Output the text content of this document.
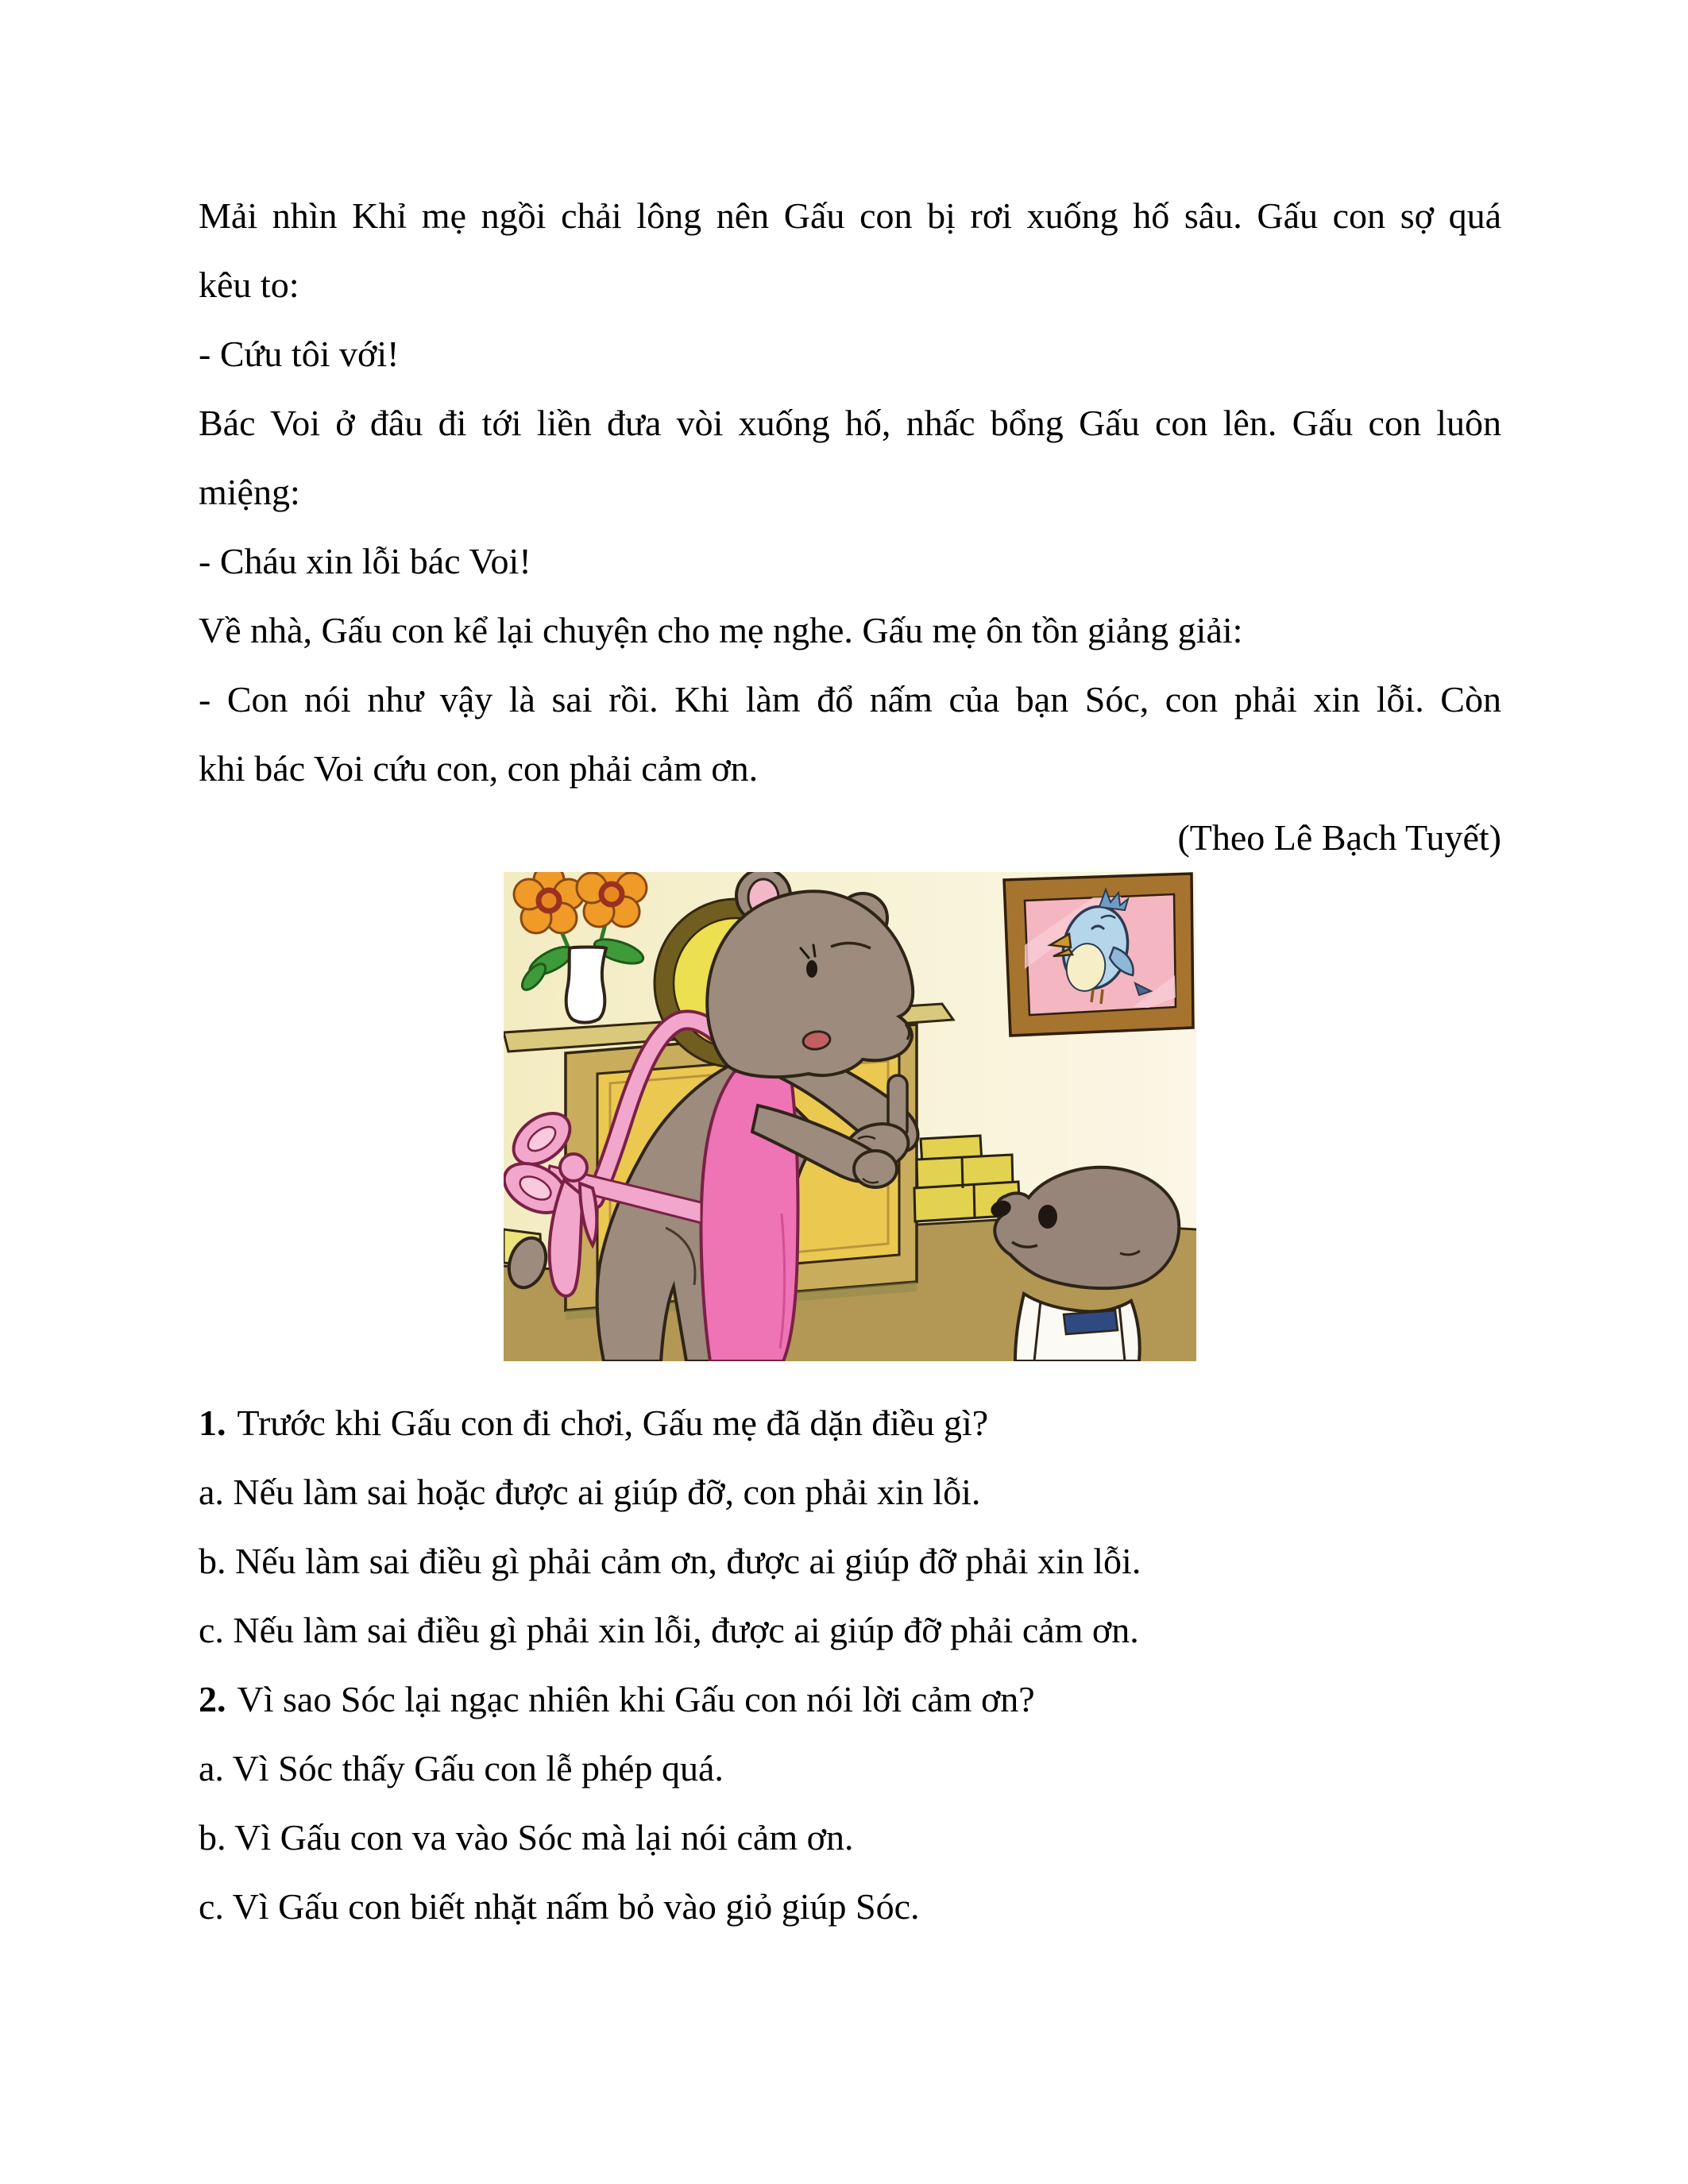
Mải nhìn Khỉ mẹ ngồi chải lông nên Gấu con bị rơi xuống hố sâu. Gấu con sợ quá
kêu to:
- Cứu tôi với!
Bác Voi ở đâu đi tới liền đưa vòi xuống hố, nhấc bổng Gấu con lên. Gấu con luôn
miệng:
- Cháu xin lỗi bác Voi!
Về nhà, Gấu con kể lại chuyện cho mẹ nghe. Gấu mẹ ôn tồn giảng giải:
- Con nói như vậy là sai rồi. Khi làm đổ nấm của bạn Sóc, con phải xin lỗi. Còn
khi bác Voi cứu con, con phải cảm ơn.
(Theo Lê Bạch Tuyết)
1. Trước khi Gấu con đi chơi, Gấu mẹ đã dặn điều gì?
a. Nếu làm sai hoặc được ai giúp đỡ, con phải xin lỗi.
b. Nếu làm sai điều gì phải cảm ơn, được ai giúp đỡ phải xin lỗi.
c. Nếu làm sai điều gì phải xin lỗi, được ai giúp đỡ phải cảm ơn.
2. Vì sao Sóc lại ngạc nhiên khi Gấu con nói lời cảm ơn?
a. Vì Sóc thấy Gấu con lễ phép quá.
b. Vì Gấu con va vào Sóc mà lại nói cảm ơn.
c. Vì Gấu con biết nhặt nấm bỏ vào giỏ giúp Sóc.
